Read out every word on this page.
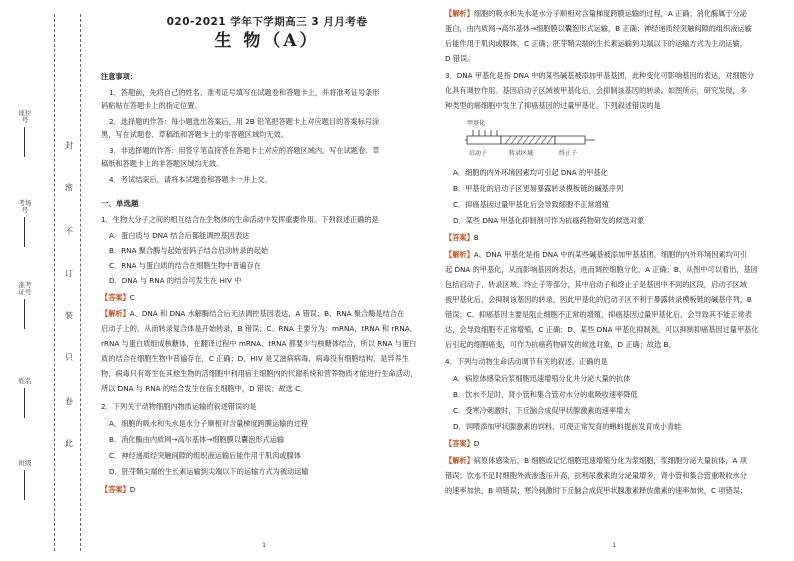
封
密
不
订
装
只
卷
此
座位号
考场号
准考证号
姓名
班级
020-2021 学年下学期高三 3 月月考卷
生 物（A）
注意事项：
1．答题前，先将自己的姓名、准考证号填写在试题卷和答题卡上，并将准考证号条形
码粘贴在答题卡上的指定位置。
2．选择题的作答：每小题选出答案后，用 2B 铅笔把答题卡上对应题目的答案标号涂
黑，写在试题卷、草稿纸和答题卡上的非答题区域均无效。
3．非选择题的作答：用签字笔直接答在答题卡上对应的答题区域内。写在试题卷、草
稿纸和答题卡上的非答题区域均无效。
4．考试结束后，请将本试题卷和答题卡一并上交。
一、单选题
1．生物大分子之间的相互结合在生物体的生命活动中发挥重要作用。下列叙述正确的是
A．蛋白质与 DNA 结合后都能调控基因表达
B．RNA 聚合酶与起始密码子结合启动转录的起始
C．RNA 与蛋白质的结合在细胞生物中普遍存在
D．DNA 与 RNA 的结合可发生在 HIV 中
【答案】C
【解析】A、DNA 和 DNA 水解酶结合后无法调控基因表达，A 错误；B、RNA 聚合酶是结合在
启动子上的，从而转录复合体是开始转录，B 错误；C、RNA 主要分为：mRNA，tRNA 和 rRNA，
rRNA 与蛋白质组成核糖体，在翻译过程中 mRNA、tRNA 都要少与核糖体结合，所以 RNA 与蛋白
质的结合在细胞生物中普遍存在，C 正确；D、HIV 是艾滋病病毒，病毒没有细胞结构，是异养生
物，病毒只有寄生在其他生物的活细胞中利用宿主细胞内的代谢系统和营养物质才能进行生命活动，
所以 DNA 与 RNA 的结合发生在宿主细胞中，D 错误；故选 C。
2．下列关于动物细胞内物质运输的叙述错误的是
A．细胞的吸水和失水是水分子顺相对含量梯度跨膜运输的过程
B．消化酶由内质网→高尔基体→细胞膜以囊泡形式运输
C．神经递质经突触间隙的组织液运输后能作用于肌肉或腺体
D．胚芽鞘尖端的生长素运输到尖端以下的运输方式为被动运输
【答案】D
【解析】细胞的吸水和失水是水分子顺相对含量梯度跨膜运输的过程，A 正确；消化酶属于分泌
蛋白，由内质网→高尔基体→细胞膜以囊泡形式运输，B 正确；神经递质经突触间隙的组织液运输
后能作用于肌肉或腺体，C 正确；胚芽鞘尖端的生长素运输到尖端以下的运输方式为主动运输，
D 错误。
3．DNA 甲基化是指 DNA 中的某些碱基被添加甲基基团，此种变化可影响基因的表达，对细胞分
化具有调控作用。基因启动子区域被甲基化后，会抑制该基因的转录。如图所示，研究发现，多
种类型的癌细胞中发生了抑癌基因的过量甲基化。下列叙述错误的是
甲基化
启动子	转录区域	终止子
A．细胞的内外环境因素均可引起 DNA 的甲基化
B．甲基化的启动子区更易暴露转录模板链的碱基序列
C．抑癌基因过量甲基化后会导致细胞不正常增殖
D．某些 DNA 甲基化抑制剂可作为抗癌药物研发的候选对象
【答案】B
【解析】A、DNA 甲基化是指 DNA 中的某些碱基被添加甲基基团，细胞的内外环境因素均可引
起 DNA 的甲基化，从而影响基因的表达，进而调控细胞分化，A 正确；B、从图中可以看出，基因
包括启动子、转录区域、终止子等部分，其中启动子和终止子是基因中不同的区段，启动子区域
被甲基化后，会抑制该基因的转录，因此甲基化的启动子区不利于暴露转录模板链的碱基序列，B
错误；C、抑癌基因主要是阻止细胞不正常的增殖，抑癌基因过量甲基化后，会导致其不能正常表
达，会导致细胞不正常增殖，C 正确；D、某些 DNA 甲基化抑制剂，可以抑制抑癌基因过量甲基化
后引起的细胞癌变，可作为抗癌药物研发的候选对象，D 正确；故选 B。
4．下列与动物生命活动调节有关的叙述，正确的是
A．病原体感染后浆细胞迅速增殖分化并分泌大量的抗体
B．饮水不足时，肾小管和集合管对水分的重吸收速率降低
C．受寒冷刺激时，下丘脑合成促甲状腺激素的速率增大
D．饲喂添加甲状腺激素的饲料，可使正常发育的蝌蚪提前发育成小青蛙
【答案】D
【解析】病原体感染后，B 细胞或记忆细胞迅速增殖分化为浆细胞，浆细胞分泌大量抗体，A 项
错误；饮水不足时细胞外液渗透压升高，抗利尿激素的分泌量增多，肾小管和集合管重吸收水分
的速率加快，B 项错误；寒冷刺激时下丘脑合成促甲状腺激素释放激素的速率加快，C 项错误；
1	1
